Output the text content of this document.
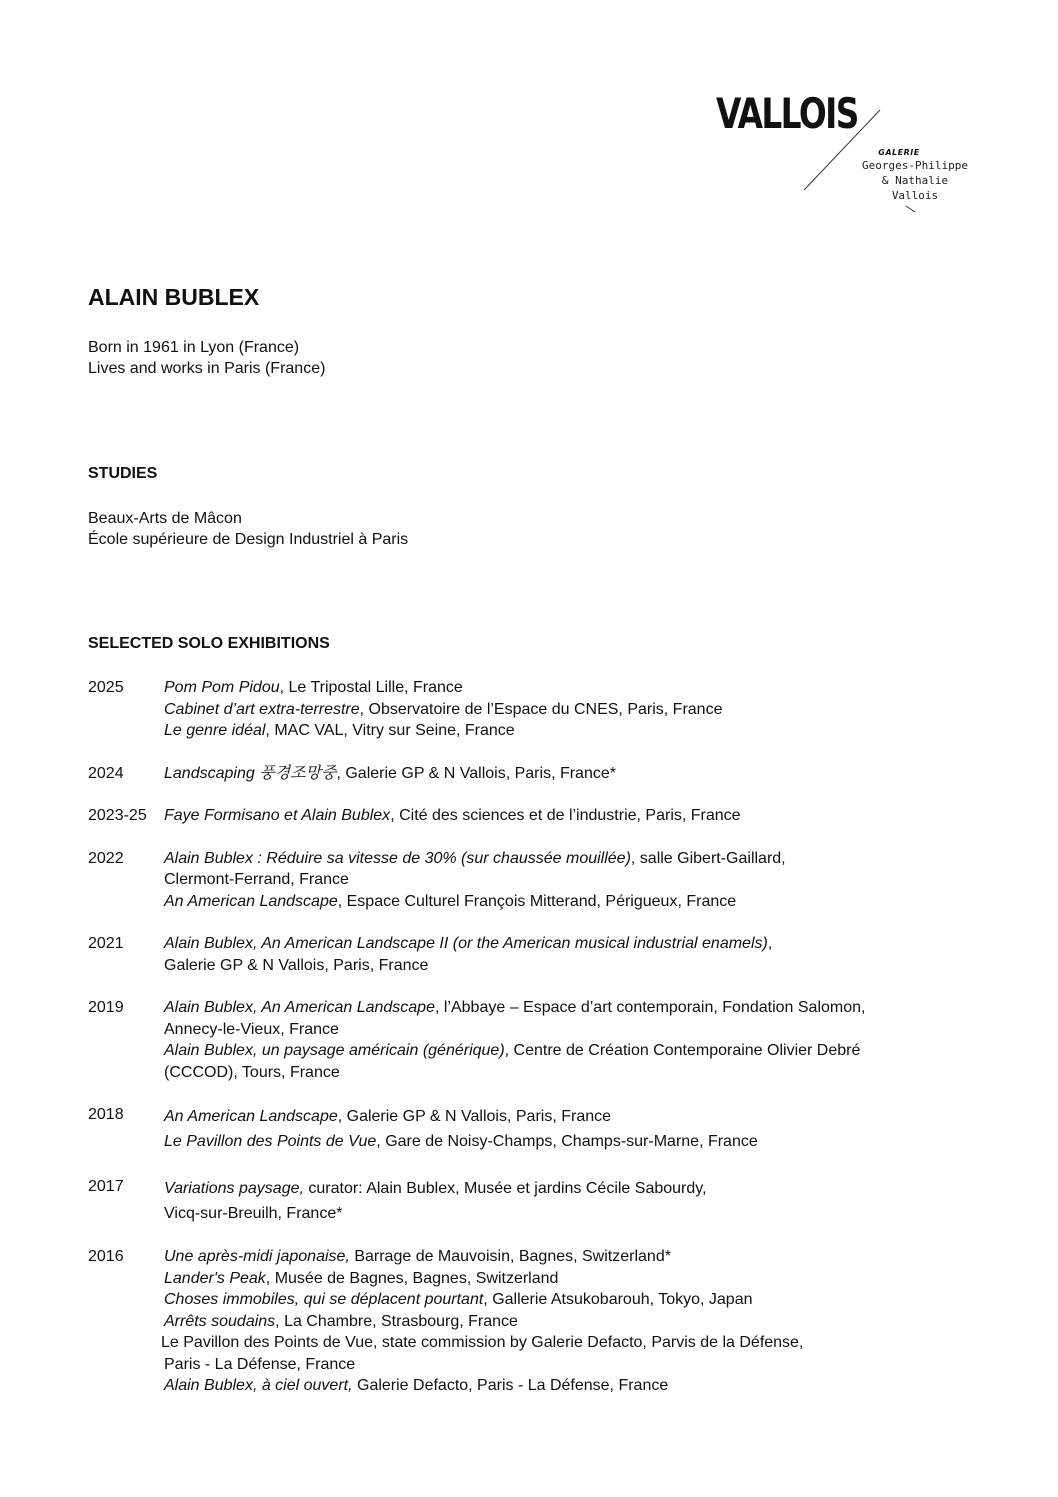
VALLOIS
GALERIE
Georges-Philippe
& Nathalie
Vallois
ALAIN BUBLEX
Born in 1961 in Lyon (France)
Lives and works in Paris (France)
STUDIES
Beaux-Arts de Mâcon
École supérieure de Design Industriel à Paris
SELECTED SOLO EXHIBITIONS
2025	Pom Pom Pidou, Le Tripostal Lille, France
Cabinet d’art extra-terrestre, Observatoire de l’Espace du CNES, Paris, France
Le genre idéal, MAC VAL, Vitry sur Seine, France
2024	Landscaping 풍경조망중, Galerie GP & N Vallois, Paris, France*
2023-25 Faye Formisano et Alain Bublex, Cité des sciences et de l’industrie, Paris, France
2022	Alain Bublex : Réduire sa vitesse de 30% (sur chaussée mouillée), salle Gibert-Gaillard,
Clermont-Ferrand, France
An American Landscape, Espace Culturel François Mitterand, Périgueux, France
2021	Alain Bublex, An American Landscape II (or the American musical industrial enamels),
Galerie GP & N Vallois, Paris, France
2019	Alain Bublex, An American Landscape, l’Abbaye – Espace d’art contemporain, Fondation Salomon,
Annecy-le-Vieux, France
Alain Bublex, un paysage américain (générique), Centre de Création Contemporaine Olivier Debré
(CCCOD), Tours, France
2018	An American Landscape, Galerie GP & N Vallois, Paris, France
Le Pavillon des Points de Vue, Gare de Noisy-Champs, Champs-sur-Marne, France
2017	Variations paysage, curator: Alain Bublex, Musée et jardins Cécile Sabourdy,
Vicq-sur-Breuilh, France*
2016	Une après-midi japonaise, Barrage de Mauvoisin, Bagnes, Switzerland*
Lander's Peak, Musée de Bagnes, Bagnes, Switzerland
Choses immobiles, qui se déplacent pourtant, Gallerie Atsukobarouh, Tokyo, Japan
Arrêts soudains, La Chambre, Strasbourg, France
Le Pavillon des Points de Vue, state commission by Galerie Defacto, Parvis de la Défense,
Paris - La Défense, France
Alain Bublex, à ciel ouvert, Galerie Defacto, Paris - La Défense, France
